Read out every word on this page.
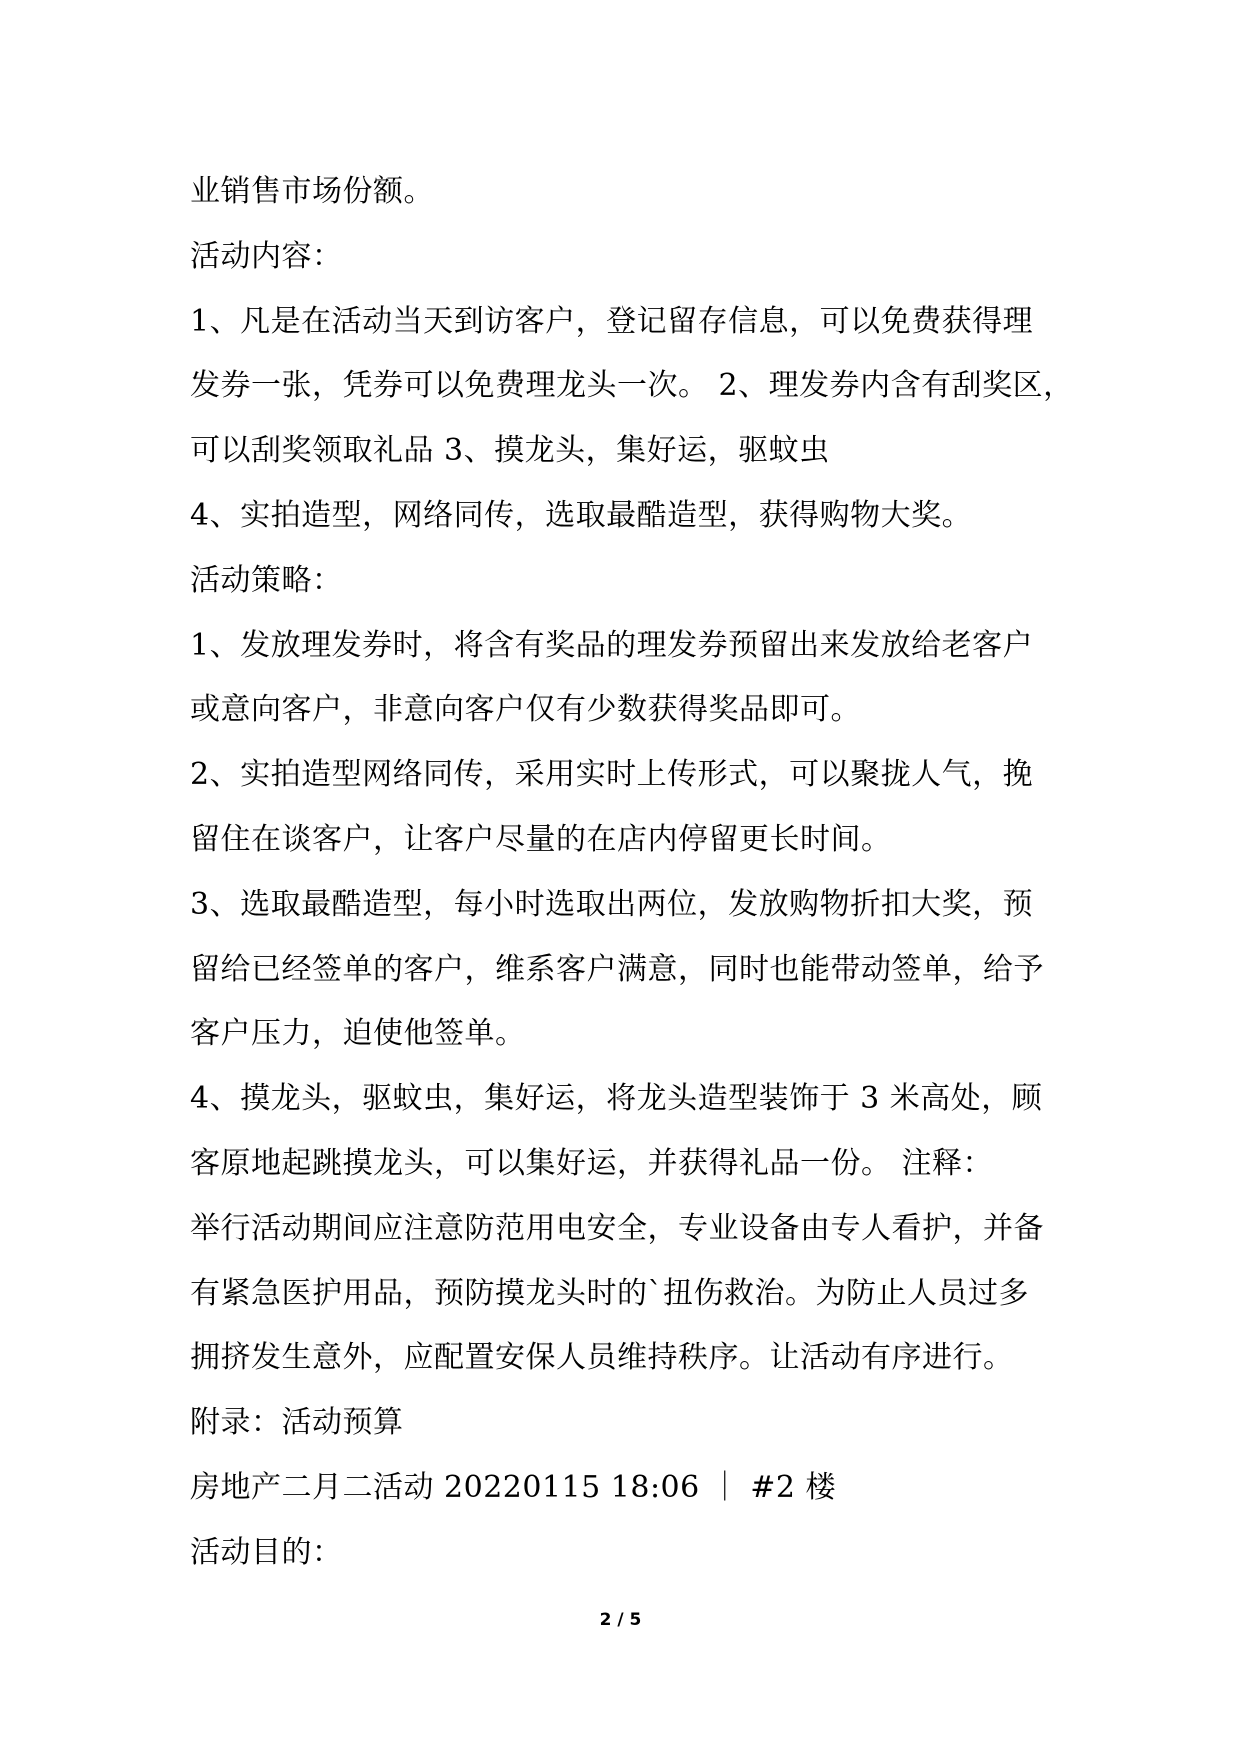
业销售市场份额。
活动内容：
1、凡是在活动当天到访客户，登记留存信息，可以免费获得理
发券一张，凭券可以免费理龙头一次。 2、理发券内含有刮奖区，
可以刮奖领取礼品 3、摸龙头，集好运，驱蚊虫
4、实拍造型，网络同传，选取最酷造型，获得购物大奖。
活动策略：
1、发放理发券时，将含有奖品的理发券预留出来发放给老客户
或意向客户，非意向客户仅有少数获得奖品即可。
2、实拍造型网络同传，采用实时上传形式，可以聚拢人气，挽
留住在谈客户，让客户尽量的在店内停留更长时间。
3、选取最酷造型，每小时选取出两位，发放购物折扣大奖，预
留给已经签单的客户，维系客户满意，同时也能带动签单，给予
客户压力，迫使他签单。
4、摸龙头，驱蚊虫，集好运，将龙头造型装饰于 3 米高处，顾
客原地起跳摸龙头，可以集好运，并获得礼品一份。 注释：
举行活动期间应注意防范用电安全，专业设备由专人看护，并备
有紧急医护用品，预防摸龙头时的`扭伤救治。为防止人员过多
拥挤发生意外，应配置安保人员维持秩序。让活动有序进行。
附录：活动预算
房地产二月二活动 20220115 18:06 ｜ #2 楼
活动目的：
2 / 5
